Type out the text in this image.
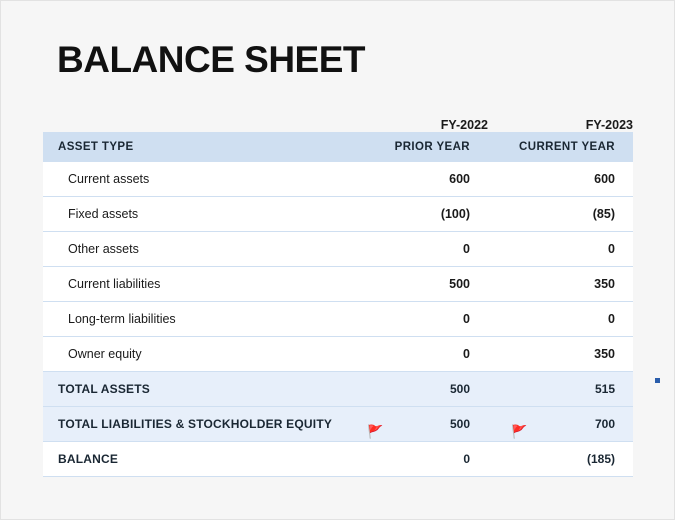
BALANCE SHEET
	FY-2022	FY-2023
ASSET TYPE	PRIOR YEAR	CURRENT YEAR
Current assets	600	600
Fixed assets	(100)	(85)
Other assets	0	0
Current liabilities	500	350
Long-term liabilities	0	0
Owner equity	0	350
TOTAL ASSETS	500	515
TOTAL LIABILITIES & STOCKHOLDER EQUITY	500	700
BALANCE	0	(185)
🚩	🚩
